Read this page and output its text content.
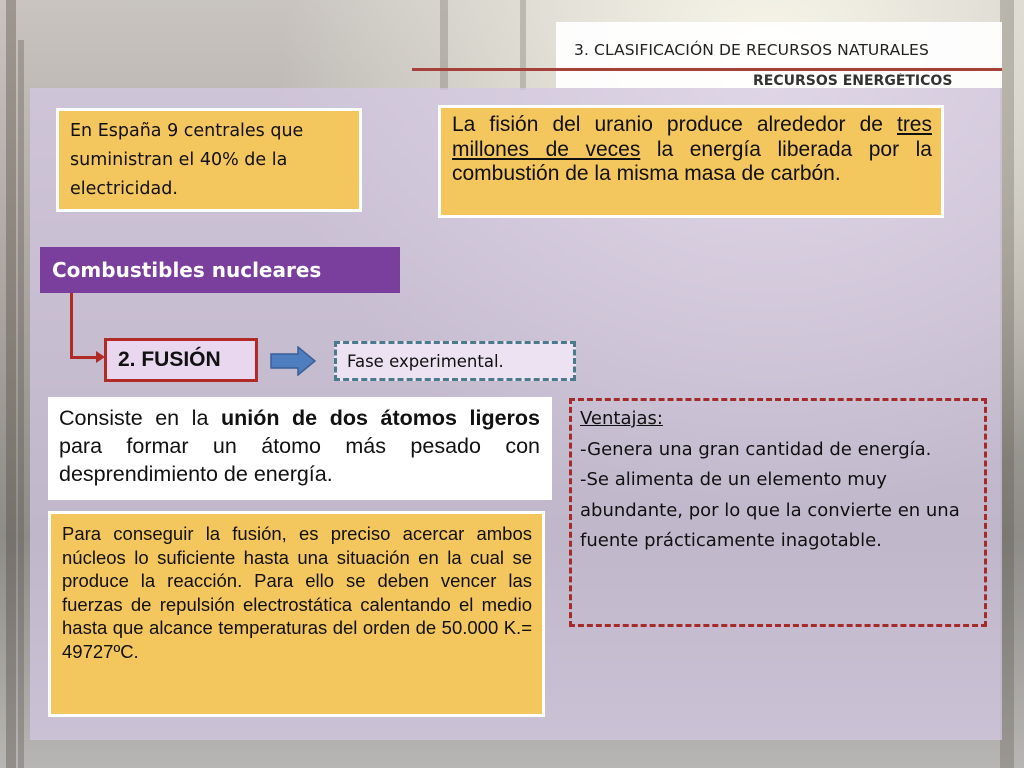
3. CLASIFICACIÓN DE RECURSOS NATURALES
RECURSOS ENERGÉTICOS
En España 9 centrales que suministran el 40% de la electricidad.
La fisión del uranio produce alrededor de tres millones de veces la energía liberada por la combustión de la misma masa de carbón.
Combustibles nucleares
2. FUSIÓN	Fase experimental.
Consiste en la unión de dos átomos ligeros para formar un átomo más pesado con desprendimiento de energía.
Para conseguir la fusión, es preciso acercar ambos núcleos lo suficiente hasta una situación en la cual se produce la reacción. Para ello se deben vencer las fuerzas de repulsión electrostática calentando el medio hasta que alcance temperaturas del orden de 50.000 K.= 49727ºC.
Ventajas:
-Genera una gran cantidad de energía.
-Se alimenta de un elemento muy abundante, por lo que la convierte en una fuente prácticamente inagotable.
